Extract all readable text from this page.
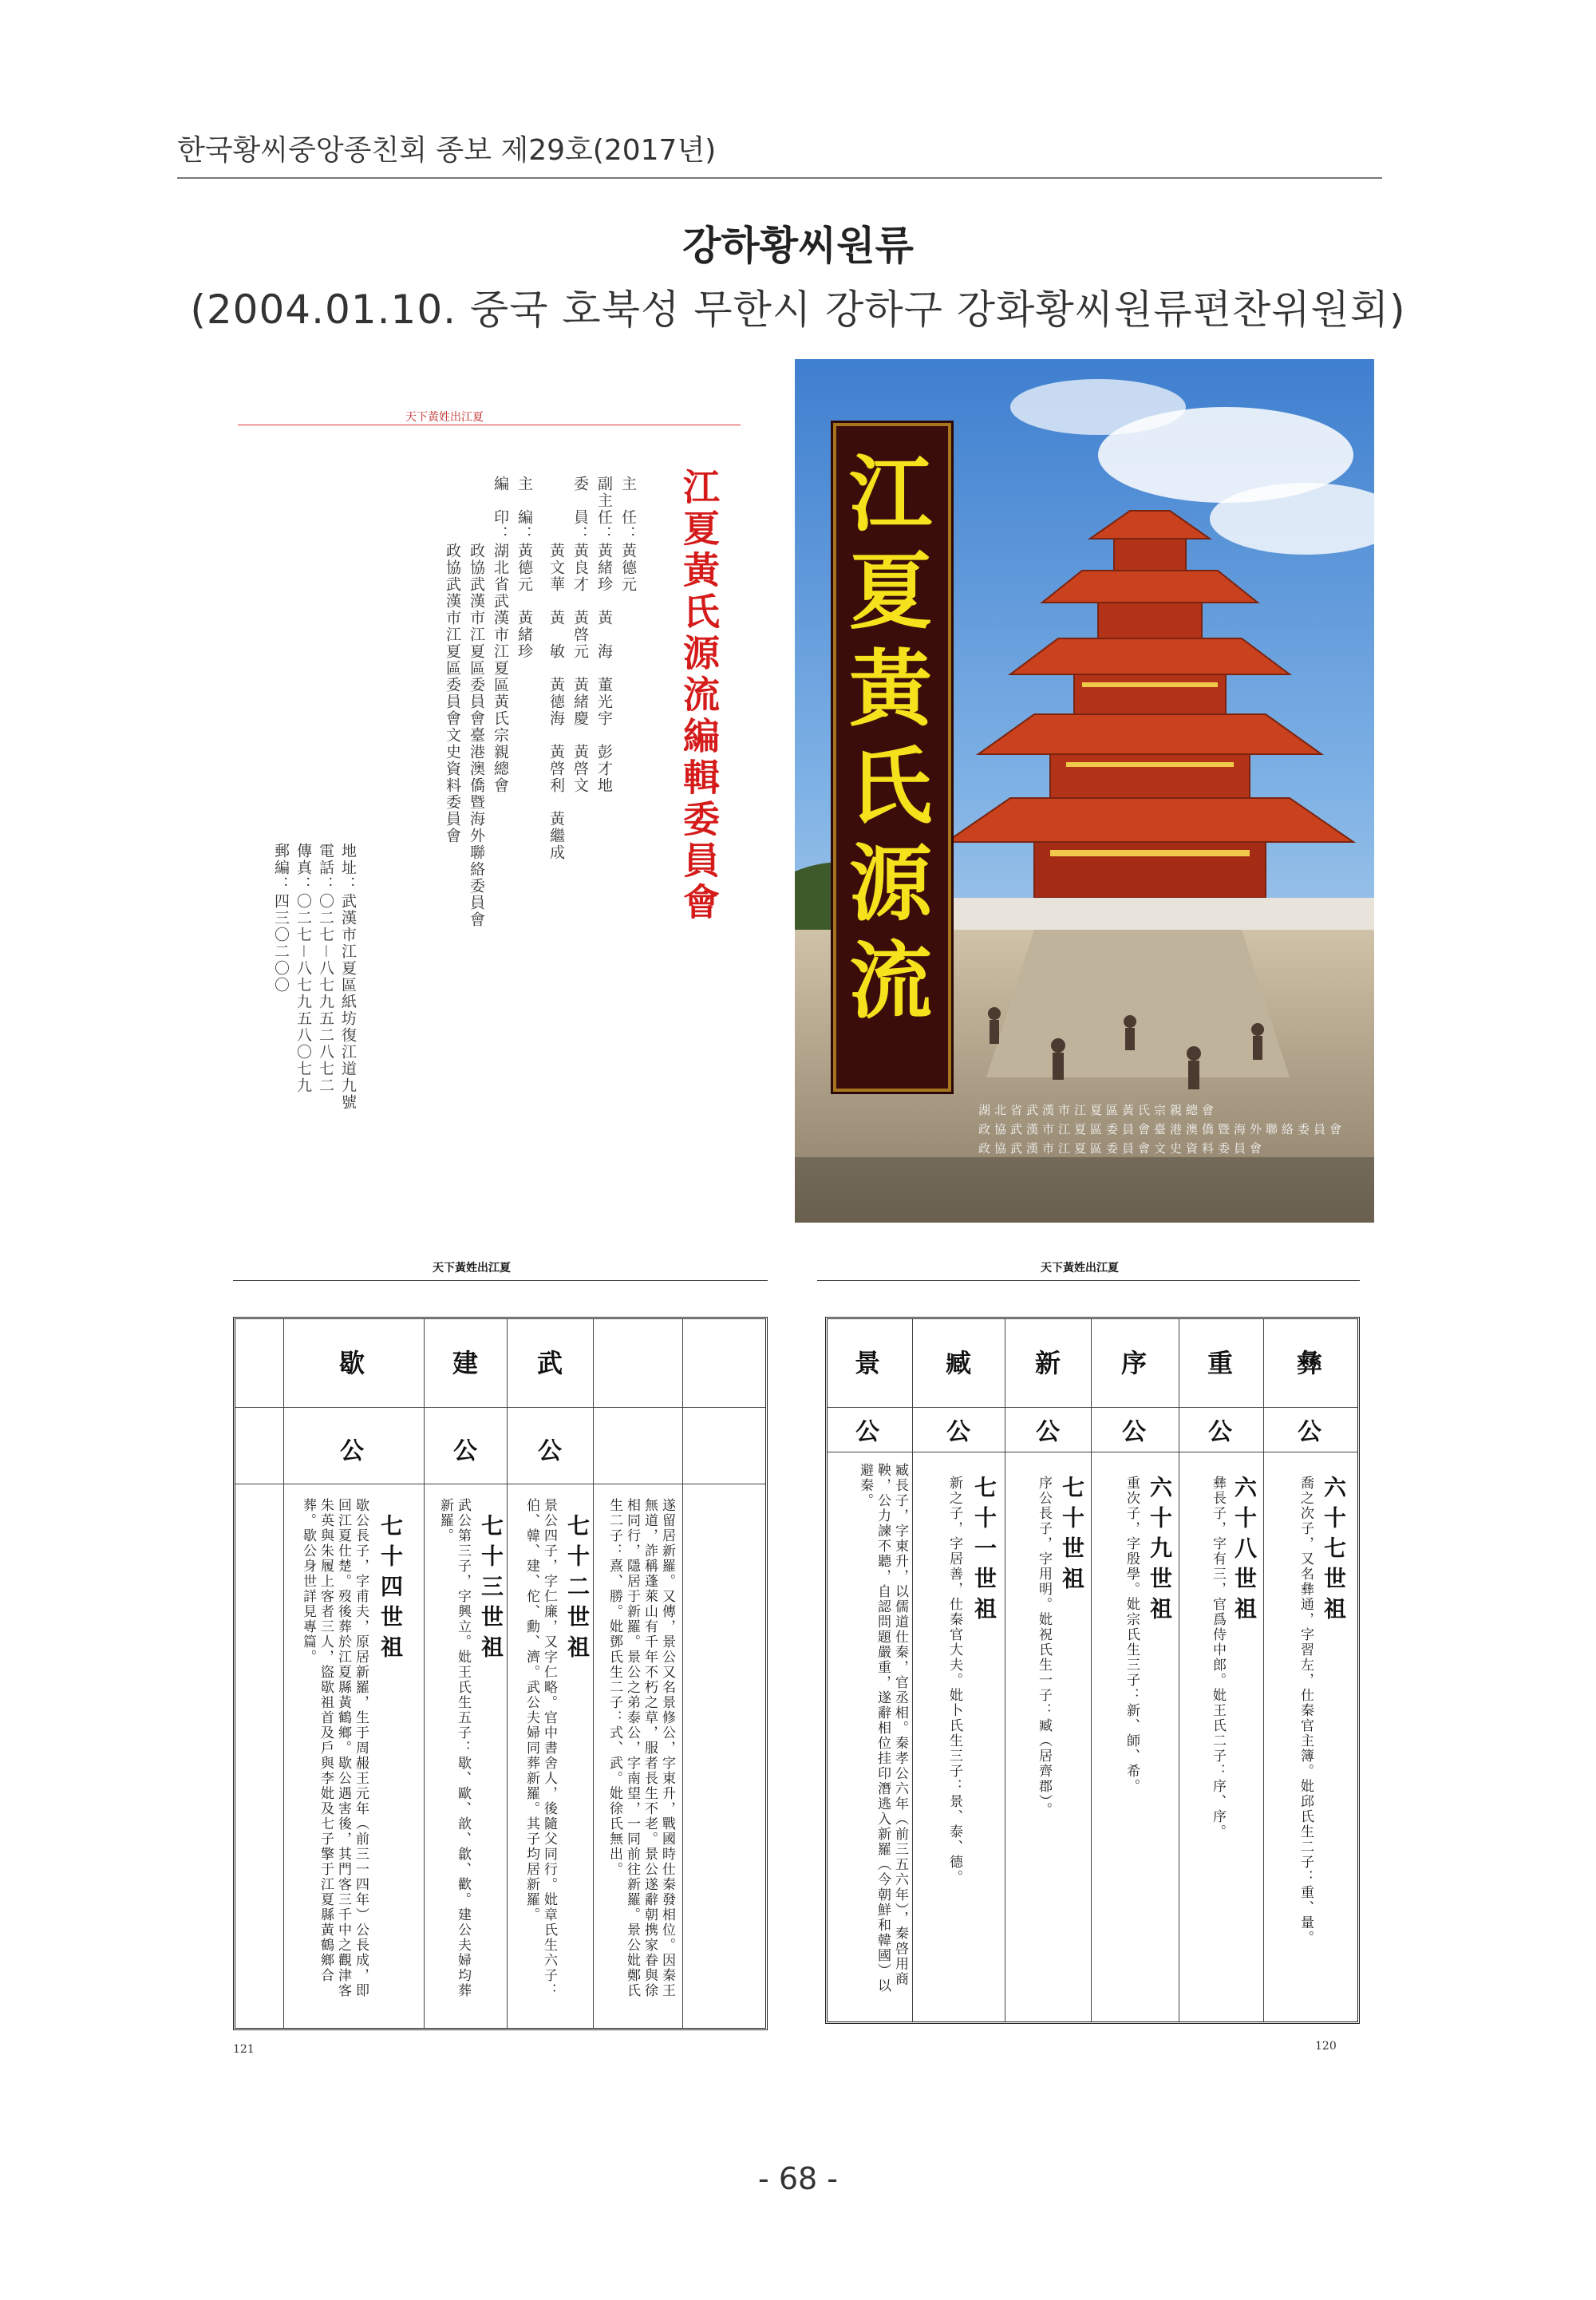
한국황씨중앙종친회 종보 제29호(2017년)
강하황씨원류
(2004.01.10. 중국 호북성 무한시 강하구 강화황씨원류편찬위원회)
天下黃姓出江夏
江夏黃氏源流編輯委員會
主　任：黃德元
副主任：黃緒珍　黃　海　董光宇　彭才地
委　員：黃良才　黃啓元　黃緒慶　黃啓文
　　　　黃文華　黃　敏　黃德海　黃啓利　黃繼成
主　編：黃德元　黃緒珍
編　印：湖北省武漢市江夏區黃氏宗親總會
　　　　政協武漢市江夏區委員會臺港澳僑暨海外聯絡委員會
　　　　政協武漢市江夏區委員會文史資料委員會
地址：武漢市江夏區紙坊復江道九號
電話：〇二七－八七九五二八七二
傳真：〇二七－八七九五八〇七九
郵編：四三〇二〇〇	江夏黃氏源流
湖北省武漢市江夏區黃氏宗親總會
政協武漢市江夏區委員會臺港澳僑暨海外聯絡委員會
政協武漢市江夏區委員會文史資料委員會
天下黃姓出江夏
歇
公
七十四世祖
歇公長子，字甫夫，原居新羅，生于周赧王元年（前三一四年）公長成，即回江夏仕楚。歿後葬於江夏縣黃鶴鄉。歇公遇害後，其門客三千中之觀津客朱英與朱履上客者三人，盜歇祖首及戶與李妣及七子擎于江夏縣黃鶴鄉合葬。歇公身世詳見專篇。
建
公
七十三世祖
武公第三子，字興立。妣王氏生五子：歇、歐、歆、歙、歡。建公夫婦均葬新羅。
武
公
七十二世祖
景公四子，字仁廉，又字仁略。官中書舍人，後隨父同行。妣章氏生六子：伯、韓、建、佗、勳、濟。武公夫婦同葬新羅。其子均居新羅。	遂留居新羅。又傳，景公又名景修公，字東升，戰國時仕秦發相位。因秦王無道，詐稱蓬萊山有千年不朽之草，服者長生不老。景公遂辭朝携家眷與徐相同行，隱居于新羅。景公之弟泰公，字南望，一同前往新羅。景公妣鄭氏生二子：熹、勝。妣鄧氏生二子：式、武。妣徐氏無出。
121
天下黃姓出江夏
景
公
臧長子，字東升，以儒道仕秦，官丞相。秦孝公六年（前三五六年），秦啓用商鞅，公力諫不聽，自認問題嚴重，遂辭相位挂印潛逃入新羅（今朝鮮和韓國）以避秦。
臧
公
七十一世祖
新之子，字居善，仕秦官大夫。妣卜氏生三子：景、泰、德。
新
公
七十世祖
序公長子，字用明。妣祝氏生一子：臧（居齊郡）。
序
公
六十九世祖
重次子，字殷學。妣宗氏生三子：新、師、希。
重
公
六十八世祖
彝長子，字有三，官爲侍中郎。妣王氏二子：序、序。
彝
公
六十七世祖
喬之次子，又名彝通，字習左，仕秦官主簿。妣邱氏生二子：重、量。
120
- 68 -
